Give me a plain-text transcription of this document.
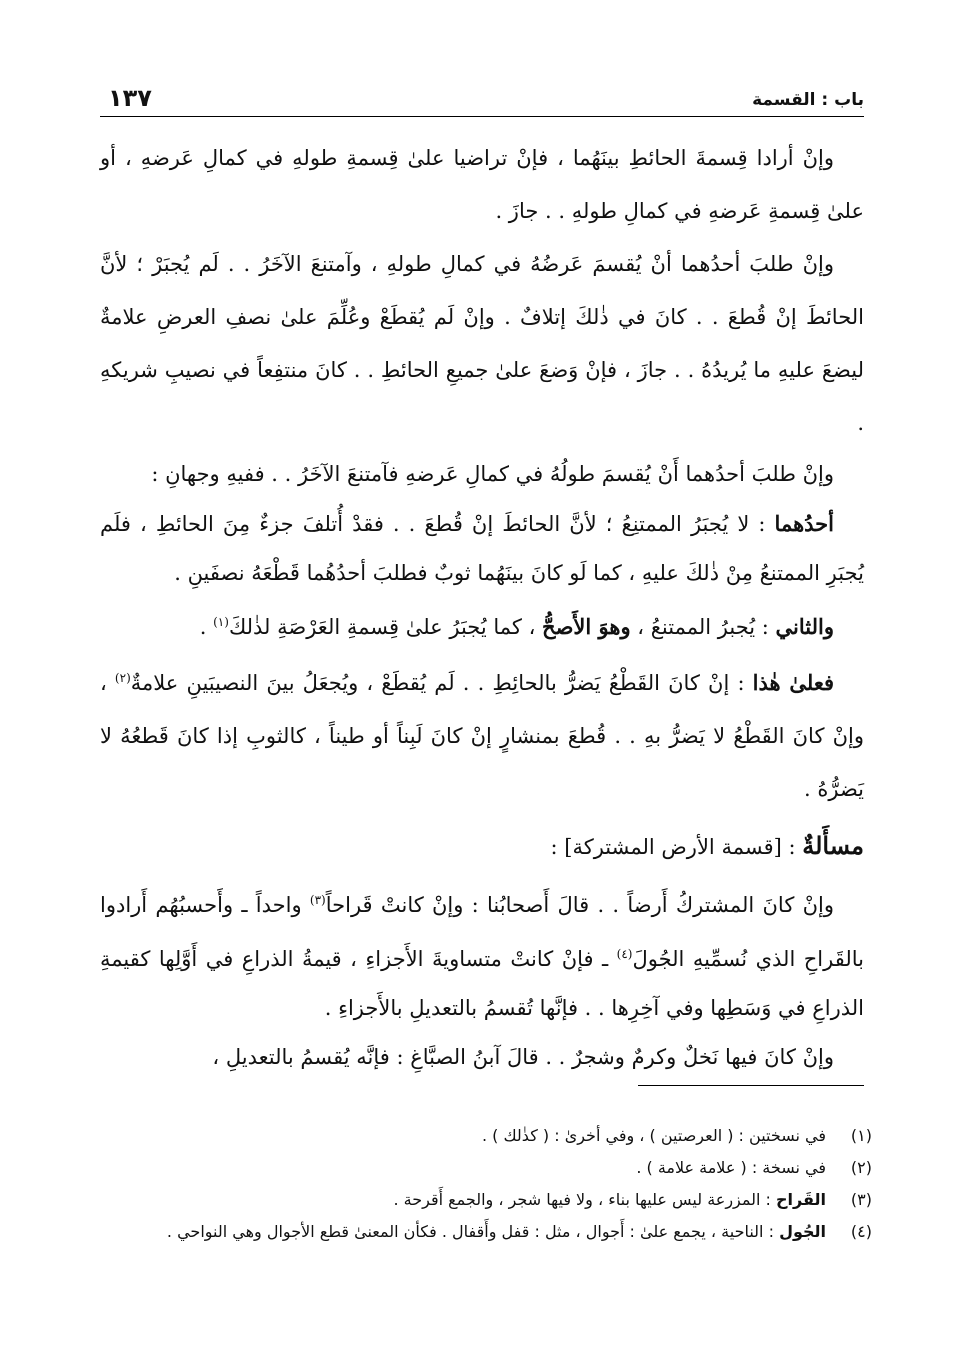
باب : القسمة
١٣٧

وإنْ أرادا قِسمةَ الحائطِ بينَهُما ، فإنْ تراضيا علىٰ قِسمةِ طولهِ في كمالِ عَرضهِ ، أو علىٰ قِسمةِ عَرضهِ في كمالِ طولهِ . . جازَ .

وإنْ طلبَ أحدُهما أنْ يُقسمَ عَرضُهُ في كمالِ طولهِ ، وآمتنعَ الآخَرُ . . لَم يُجبَرْ ؛ لأنَّ الحائطَ إنْ قُطعَ . . كانَ في ذٰلكَ إتلافٌ . وإنْ لَم يُقطَعْ وعُلِّمَ علىٰ نصفِ العرضِ علامةٌ ليضعَ عليهِ ما يُريدُهُ . . جازَ ، فإنْ وَضعَ علىٰ جميعِ الحائطِ . . كانَ منتفِعاً في نصيبِ شريكهِ .

وإنْ طلبَ أحدُهما أَنْ يُقسمَ طولُهُ في كمالِ عَرضهِ فآمتنعَ الآخَرُ . . ففيهِ وجهانِ :

أحدُهما : لا يُجبَرُ الممتنِعُ ؛ لأنَّ الحائطَ إنْ قُطعَ . . فقدْ أُتلفَ جزءٌ مِنَ الحائطِ ، فلَم يُجبَرِ الممتنعُ مِنْ ذٰلكَ عليهِ ، كما لَو كانَ بينَهُما ثوبٌ فطلبَ أحدُهُما قَطْعَهُ نصفَينِ .

والثاني : يُجبرُ الممتنعُ ، وهوَ الأَصحُّ ، كما يُجبَرُ علىٰ قِسمةِ العَرْصَةِ لذٰلكَ$^{(١)}$ .

فعلىٰ هٰذا : إنْ كانَ القَطْعُ يَضرُّ بالحائِطِ . . لَم يُقطَعْ ، ويُجعَلُ بينَ النصيبَينِ علامةٌ$^{(٢)}$ ، وإنْ كانَ القَطْعُ لا يَضرُّ بهِ . . قُطعَ بمنشارٍ إنْ كانَ لَبِناً أو طيناً ، كالثوبِ إذا كانَ قَطعُهُ لا يَضرُّهُ .

مسأَلةٌ : [قسمة الأرض المشتركة] :

وإنْ كانَ المشتركُ أَرضاً . . قالَ أَصحابُنا : وإنْ كانتْ قَراحاً$^{(٣)}$ واحداً ـ وأَحسبُهُم أَرادوا بالقَراحِ الذي نُسمِّيهِ الجُولَ$^{(٤)}$ ـ فإنْ كانتْ متساويةَ الأَجزاءِ ، قيمةُ الذراعِ في أَوَّلِها كقيمةِ الذراعِ في وَسَطِها وفي آخِرِها . . فإنَّها تُقسمُ بالتعديلِ بالأَجزاءِ .

وإنْ كانَ فيها نَخلٌ وكرمٌ وشجرٌ . . قالَ آبنُ الصبَّاغِ : فإنَّه يُقسمُ بالتعديلِ ،

(١)
في نسختين : ( العرصتين ) ، وفي أخرىٰ : ( كذٰلك ) .
(٢)
في نسخة : ( علامة علامة ) .
(٣)
القَراح : المزرعة ليس عليها بناء ، ولا فيها شجر ، والجمع أَقرحة .
(٤)
الجُول : الناحية ، يجمع علىٰ : أَجوال ، مثل : قفل وأَقفال . فكأن المعنىٰ قطع الأجوال وهي النواحي .
